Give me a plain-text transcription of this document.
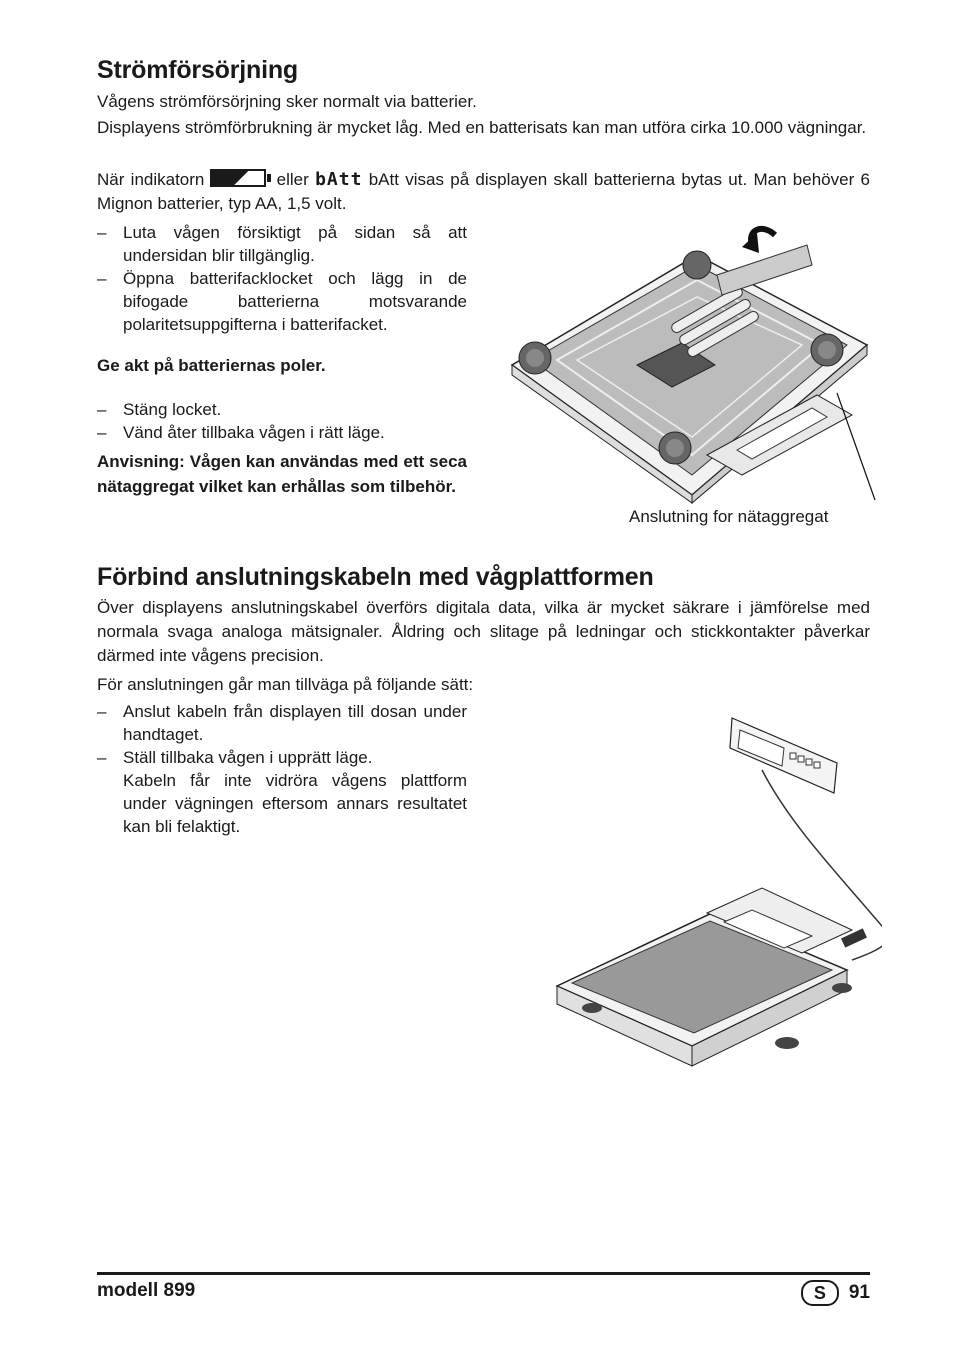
Strömförsörjning

Vågens strömförsörjning sker normalt via batterier.

Displayens strömförbrukning är mycket låg. Med en batterisats kan man utföra cirka 10.000 vägningar.

När indikatorn	eller bAtt bAtt visas på displayen skall batterierna bytas ut. Man behöver 6 Mignon batterier, typ AA, 1,5 volt.

– Luta vågen försiktigt på sidan så att undersidan blir tillgänglig.
– Öppna batterifacklocket och lägg in de bifogade batterierna motsvarande polaritetsuppgifterna i batterifacket.
Ge akt på batteriernas poler.
– Stäng locket.
– Vänd åter tillbaka vågen i rätt läge.
Anvisning: Vågen kan användas med ett seca nätaggregat vilket kan erhållas som tilbehör.
Anslutning for nätaggregat
Förbind anslutningskabeln med vågplattformen

Över displayens anslutningskabel överförs digitala data, vilka är mycket säkrare i jämförelse med normala svaga analoga mätsignaler. Åldring och slitage på ledningar och stickkontakter påverkar därmed inte vågens precision.

För anslutningen går man tillväga på följande sätt:

– Anslut kabeln från displayen till dosan under handtaget.
– Ställ tillbaka vågen i upprätt läge.
Kabeln får inte vidröra vågens plattform under vägningen eftersom annars resultatet kan bli felaktigt.
modell 899	S	91
